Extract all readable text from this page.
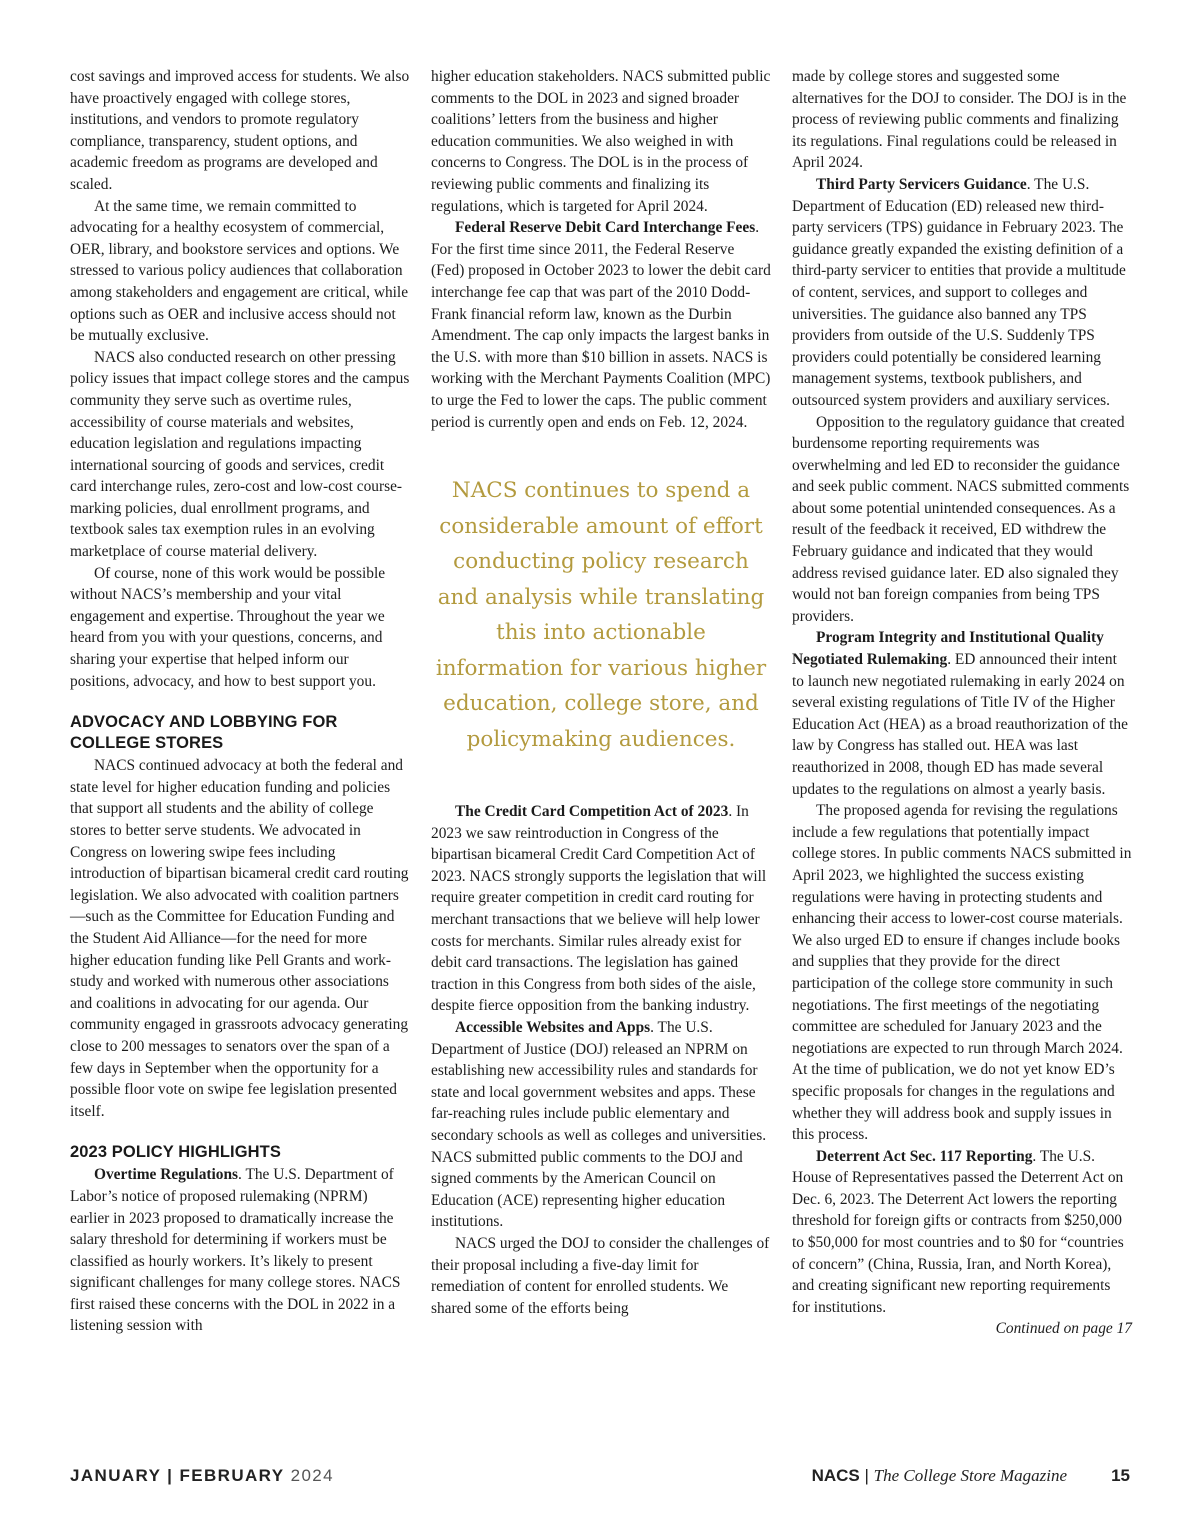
cost savings and improved access for students. We also have proactively engaged with college stores, institutions, and vendors to promote regulatory compliance, transparency, student options, and academic freedom as programs are developed and scaled.

At the same time, we remain committed to advocating for a healthy ecosystem of commercial, OER, library, and bookstore services and options. We stressed to various policy audiences that collaboration among stakeholders and engagement are critical, while options such as OER and inclusive access should not be mutually exclusive.

NACS also conducted research on other pressing policy issues that impact college stores and the campus community they serve such as overtime rules, accessibility of course materials and websites, education legislation and regulations impacting international sourcing of goods and services, credit card interchange rules, zero-cost and low-cost course-marking policies, dual enrollment programs, and textbook sales tax exemption rules in an evolving marketplace of course material delivery.

Of course, none of this work would be possible without NACS’s membership and your vital engagement and expertise. Throughout the year we heard from you with your questions, concerns, and sharing your expertise that helped inform our positions, advocacy, and how to best support you.

ADVOCACY AND LOBBYING FOR COLLEGE STORES

NACS continued advocacy at both the federal and state level for higher education funding and policies that support all students and the ability of college stores to better serve students. We advocated in Congress on lowering swipe fees including introduction of bipartisan bicameral credit card routing legislation. We also advocated with coalition partners—such as the Committee for Education Funding and the Student Aid Alliance—for the need for more higher education funding like Pell Grants and work-study and worked with numerous other associations and coalitions in advocating for our agenda. Our community engaged in grassroots advocacy generating close to 200 messages to senators over the span of a few days in September when the opportunity for a possible floor vote on swipe fee legislation presented itself.

2023 POLICY HIGHLIGHTS

Overtime Regulations. The U.S. Department of Labor’s notice of proposed rulemaking (NPRM) earlier in 2023 proposed to dramatically increase the salary threshold for determining if workers must be classified as hourly workers. It’s likely to present significant challenges for many college stores. NACS first raised these concerns with the DOL in 2022 in a listening session with

higher education stakeholders. NACS submitted public comments to the DOL in 2023 and signed broader coalitions’ letters from the business and higher education communities. We also weighed in with concerns to Congress. The DOL is in the process of reviewing public comments and finalizing its regulations, which is targeted for April 2024.

Federal Reserve Debit Card Interchange Fees. For the first time since 2011, the Federal Reserve (Fed) proposed in October 2023 to lower the debit card interchange fee cap that was part of the 2010 Dodd-Frank financial reform law, known as the Durbin Amendment. The cap only impacts the largest banks in the U.S. with more than $10 billion in assets. NACS is working with the Merchant Payments Coalition (MPC) to urge the Fed to lower the caps. The public comment period is currently open and ends on Feb. 12, 2024.

NACS continues to spend a considerable amount of effort conducting policy research and analysis while translating this into actionable information for various higher education, college store, and policymaking audiences.

The Credit Card Competition Act of 2023. In 2023 we saw reintroduction in Congress of the bipartisan bicameral Credit Card Competition Act of 2023. NACS strongly supports the legislation that will require greater competition in credit card routing for merchant transactions that we believe will help lower costs for merchants. Similar rules already exist for debit card transactions. The legislation has gained traction in this Congress from both sides of the aisle, despite fierce opposition from the banking industry.

Accessible Websites and Apps. The U.S. Department of Justice (DOJ) released an NPRM on establishing new accessibility rules and standards for state and local government websites and apps. These far-reaching rules include public elementary and secondary schools as well as colleges and universities. NACS submitted public comments to the DOJ and signed comments by the American Council on Education (ACE) representing higher education institutions.

NACS urged the DOJ to consider the challenges of their proposal including a five-day limit for remediation of content for enrolled students. We shared some of the efforts being

made by college stores and suggested some alternatives for the DOJ to consider. The DOJ is in the process of reviewing public comments and finalizing its regulations. Final regulations could be released in April 2024.

Third Party Servicers Guidance. The U.S. Department of Education (ED) released new third-party servicers (TPS) guidance in February 2023. The guidance greatly expanded the existing definition of a third-party servicer to entities that provide a multitude of content, services, and support to colleges and universities. The guidance also banned any TPS providers from outside of the U.S. Suddenly TPS providers could potentially be considered learning management systems, textbook publishers, and outsourced system providers and auxiliary services.

Opposition to the regulatory guidance that created burdensome reporting requirements was overwhelming and led ED to reconsider the guidance and seek public comment. NACS submitted comments about some potential unintended consequences. As a result of the feedback it received, ED withdrew the February guidance and indicated that they would address revised guidance later. ED also signaled they would not ban foreign companies from being TPS providers.

Program Integrity and Institutional Quality Negotiated Rulemaking. ED announced their intent to launch new negotiated rulemaking in early 2024 on several existing regulations of Title IV of the Higher Education Act (HEA) as a broad reauthorization of the law by Congress has stalled out. HEA was last reauthorized in 2008, though ED has made several updates to the regulations on almost a yearly basis.

The proposed agenda for revising the regulations include a few regulations that potentially impact college stores. In public comments NACS submitted in April 2023, we highlighted the success existing regulations were having in protecting students and enhancing their access to lower-cost course materials. We also urged ED to ensure if changes include books and supplies that they provide for the direct participation of the college store community in such negotiations. The first meetings of the negotiating committee are scheduled for January 2023 and the negotiations are expected to run through March 2024. At the time of publication, we do not yet know ED’s specific proposals for changes in the regulations and whether they will address book and supply issues in this process.

Deterrent Act Sec. 117 Reporting. The U.S. House of Representatives passed the Deterrent Act on Dec. 6, 2023. The Deterrent Act lowers the reporting threshold for foreign gifts or contracts from $250,000 to $50,000 for most countries and to $0 for “countries of concern” (China, Russia, Iran, and North Korea), and creating significant new reporting requirements for institutions.

Continued on page 17

JANUARY | FEBRUARY 2024	NACS | The College Store Magazine	15
